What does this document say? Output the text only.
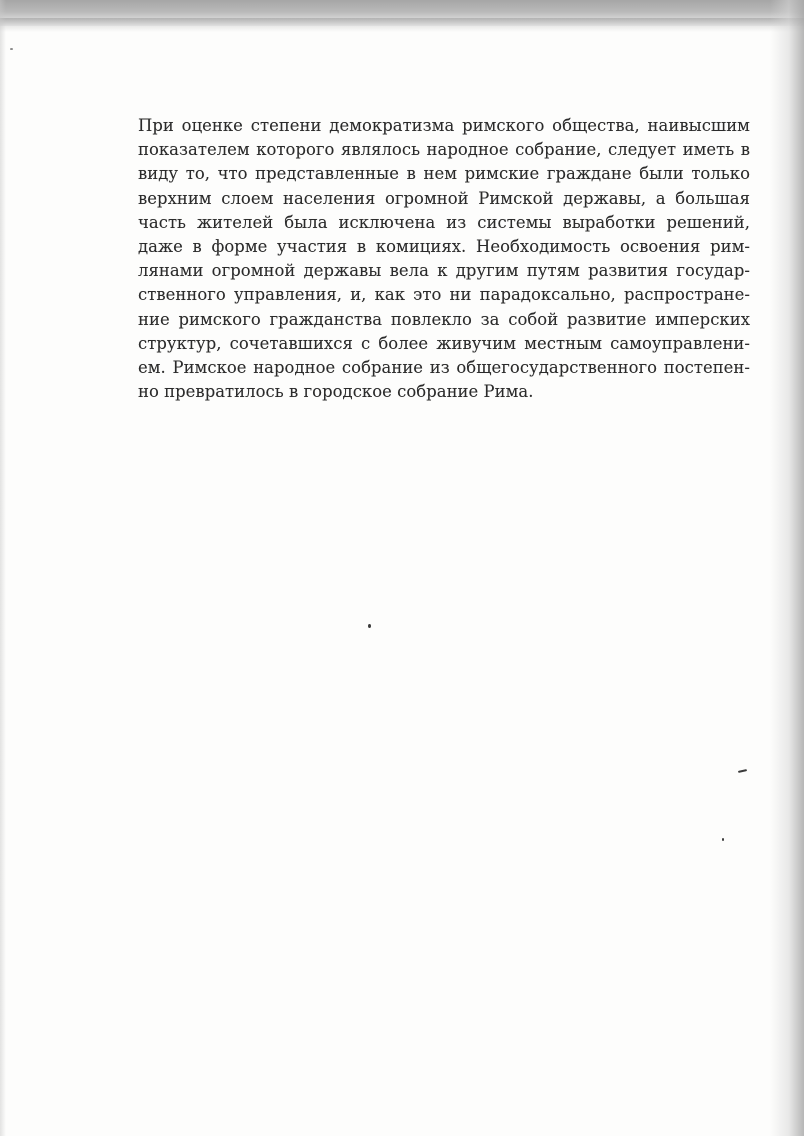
При оценке степени демократизма римского общества, наивысшим
показателем которого являлось народное собрание, следует иметь в
виду то, что представленные в нем римские граждане были только
верхним слоем населения огромной Римской державы, а большая
часть жителей была исключена из системы выработки решений,
даже в форме участия в комициях. Необходимость освоения рим-
лянами огромной державы вела к другим путям развития государ-
ственного управления, и, как это ни парадоксально, распростране-
ние римского гражданства повлекло за собой развитие имперских
структур, сочетавшихся с более живучим местным самоуправлени-
ем. Римское народное собрание из общегосударственного постепен-
но превратилось в городское собрание Рима.
